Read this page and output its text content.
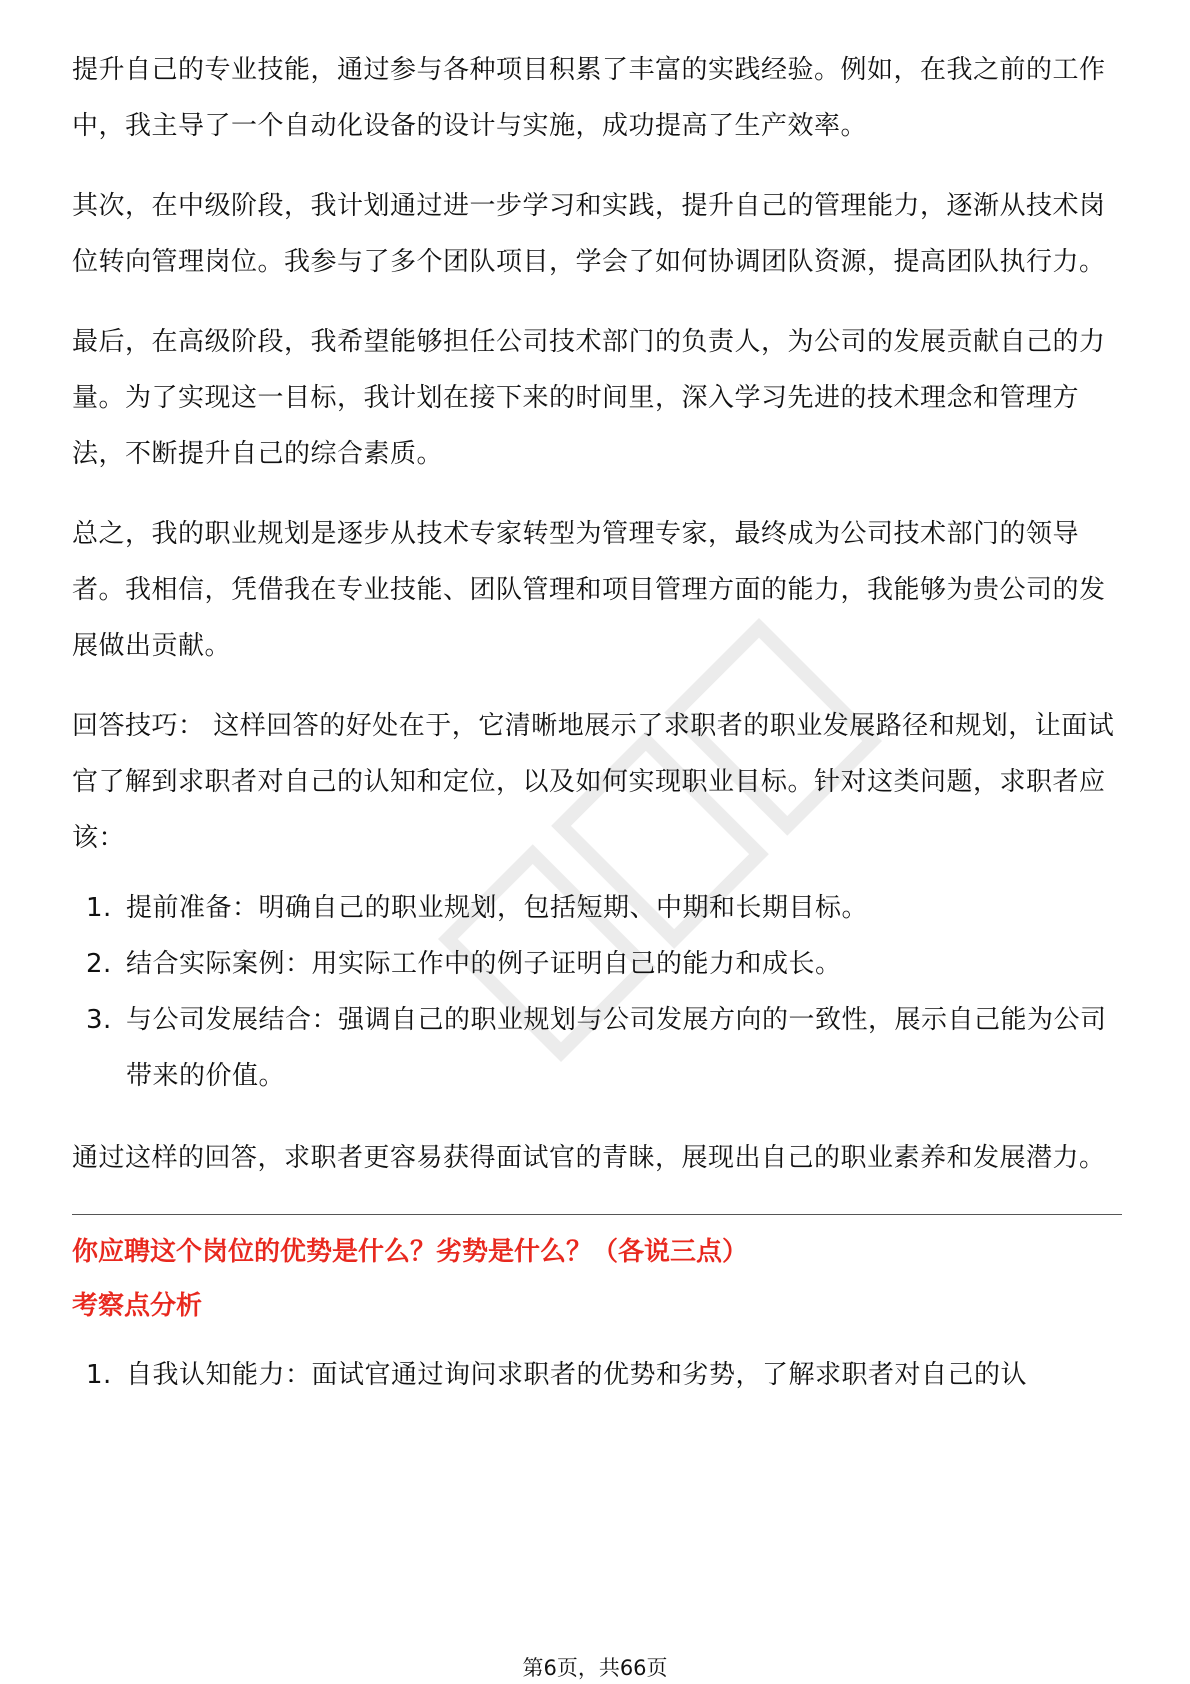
提升自己的专业技能，通过参与各种项目积累了丰富的实践经验。例如，在我之前的工作中，我主导了一个自动化设备的设计与实施，成功提高了生产效率。

其次，在中级阶段，我计划通过进一步学习和实践，提升自己的管理能力，逐渐从技术岗位转向管理岗位。我参与了多个团队项目，学会了如何协调团队资源，提高团队执行力。

最后，在高级阶段，我希望能够担任公司技术部门的负责人，为公司的发展贡献自己的力量。为了实现这一目标，我计划在接下来的时间里，深入学习先进的技术理念和管理方法，不断提升自己的综合素质。

总之，我的职业规划是逐步从技术专家转型为管理专家，最终成为公司技术部门的领导者。我相信，凭借我在专业技能、团队管理和项目管理方面的能力，我能够为贵公司的发展做出贡献。

回答技巧： 这样回答的好处在于，它清晰地展示了求职者的职业发展路径和规划，让面试官了解到求职者对自己的认知和定位，以及如何实现职业目标。针对这类问题，求职者应该：

1. 提前准备：明确自己的职业规划，包括短期、中期和长期目标。
2. 结合实际案例：用实际工作中的例子证明自己的能力和成长。
3. 与公司发展结合：强调自己的职业规划与公司发展方向的一致性，展示自己能为公司带来的价值。

通过这样的回答，求职者更容易获得面试官的青睐，展现出自己的职业素养和发展潜力。

你应聘这个岗位的优势是什么？劣势是什么？（各说三点）
考察点分析
1. 自我认知能力：面试官通过询问求职者的优势和劣势，了解求职者对自己的认
第6页，共66页
